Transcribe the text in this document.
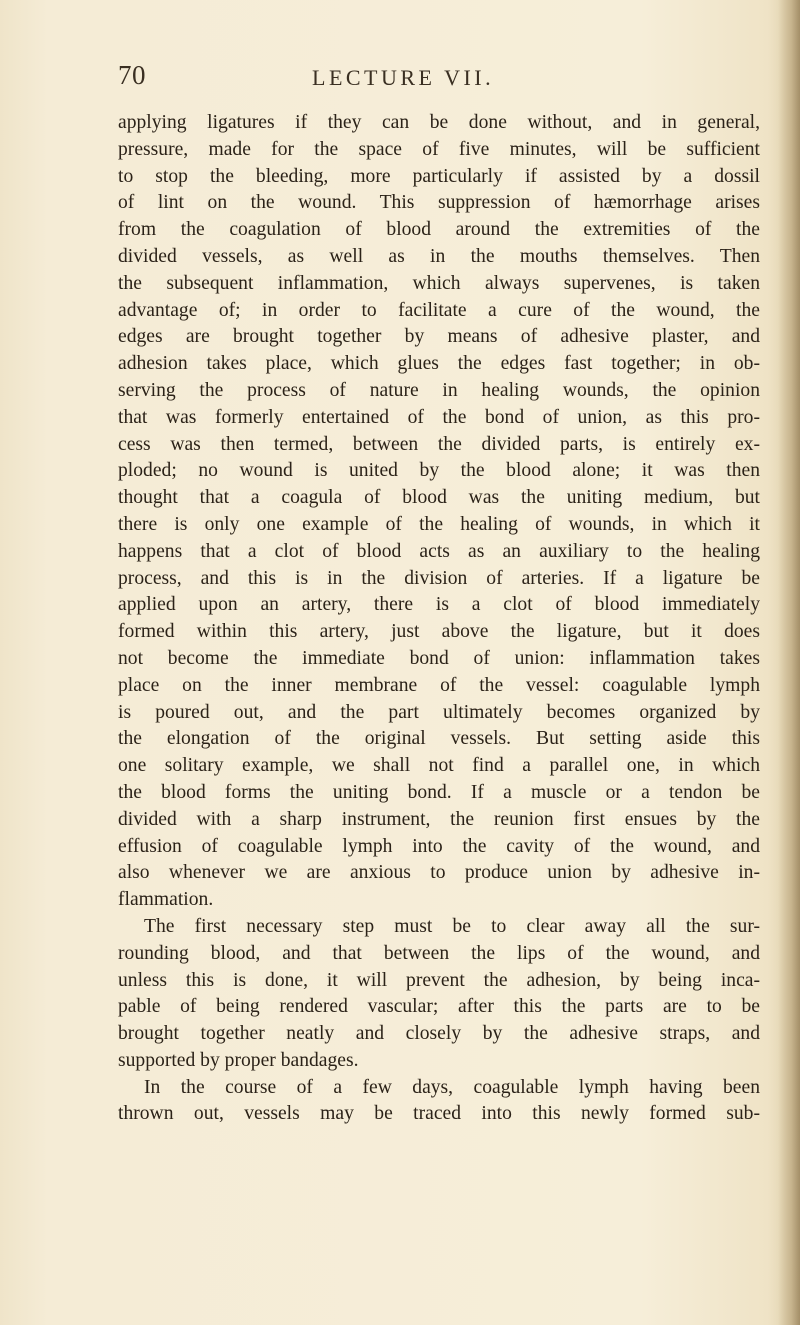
70	LECTURE VII.

applying ligatures if they can be done without, and in general,
pressure, made for the space of five minutes, will be sufficient
to stop the bleeding, more particularly if assisted by a dossil
of lint on the wound. This suppression of hæmorrhage arises
from the coagulation of blood around the extremities of the
divided vessels, as well as in the mouths themselves. Then
the subsequent inflammation, which always supervenes, is taken
advantage of; in order to facilitate a cure of the wound, the
edges are brought together by means of adhesive plaster, and
adhesion takes place, which glues the edges fast together; in ob-
serving the process of nature in healing wounds, the opinion
that was formerly entertained of the bond of union, as this pro-
cess was then termed, between the divided parts, is entirely ex-
ploded; no wound is united by the blood alone; it was then
thought that a coagula of blood was the uniting medium, but
there is only one example of the healing of wounds, in which it
happens that a clot of blood acts as an auxiliary to the healing
process, and this is in the division of arteries. If a ligature be
applied upon an artery, there is a clot of blood immediately
formed within this artery, just above the ligature, but it does
not become the immediate bond of union: inflammation takes
place on the inner membrane of the vessel: coagulable lymph
is poured out, and the part ultimately becomes organized by
the elongation of the original vessels. But setting aside this
one solitary example, we shall not find a parallel one, in which
the blood forms the uniting bond. If a muscle or a tendon be
divided with a sharp instrument, the reunion first ensues by the
effusion of coagulable lymph into the cavity of the wound, and
also whenever we are anxious to produce union by adhesive in-
flammation.

The first necessary step must be to clear away all the sur-
rounding blood, and that between the lips of the wound, and
unless this is done, it will prevent the adhesion, by being inca-
pable of being rendered vascular; after this the parts are to be
brought together neatly and closely by the adhesive straps, and
supported by proper bandages.

In the course of a few days, coagulable lymph having been
thrown out, vessels may be traced into this newly formed sub-
